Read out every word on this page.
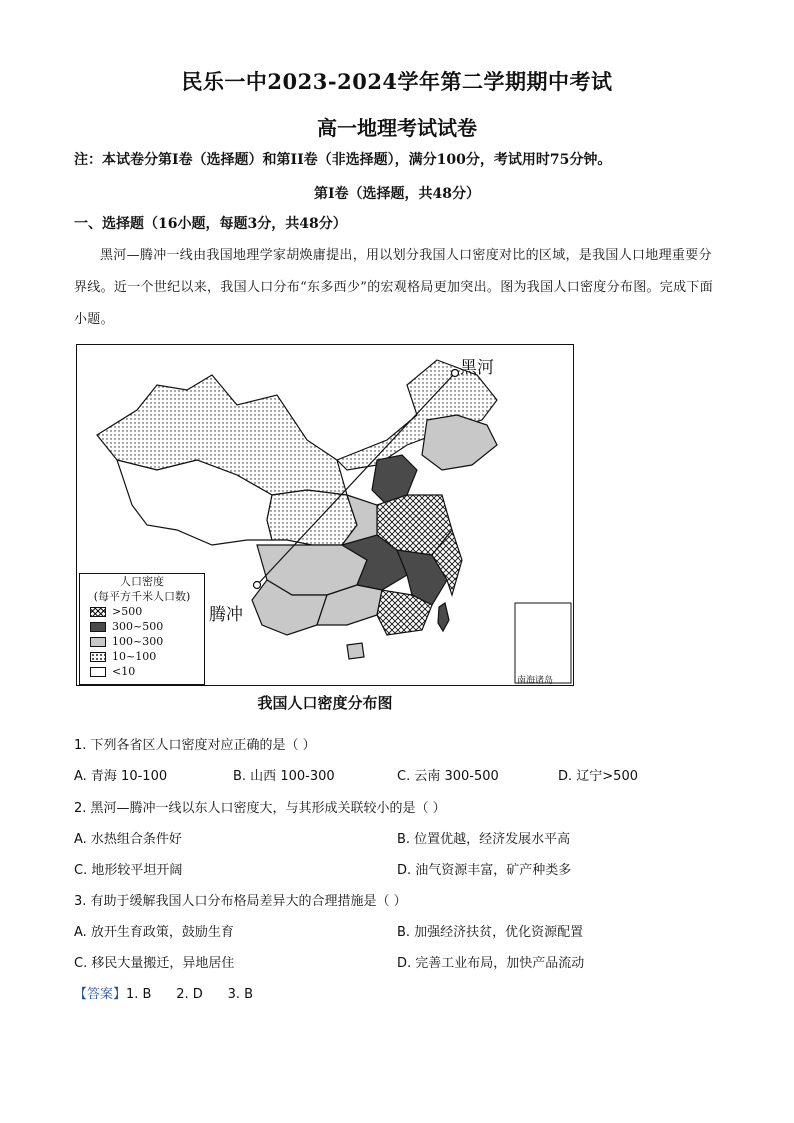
民乐一中2023-2024学年第二学期期中考试
高一地理考试试卷
注：本试卷分第I卷（选择题）和第II卷（非选择题），满分100分，考试用时75分钟。
第I卷（选择题，共48分）
一、选择题（16小题，每题3分，共48分）
黑河—腾冲一线由我国地理学家胡焕庸提出，用以划分我国人口密度对比的区域，是我国人口地理重要分界线。近一个世纪以来，我国人口分布“东多西少”的宏观格局更加突出。图为我国人口密度分布图。完成下面小题。
黑河
腾冲
南海诸岛
人口密度
(每平方千米人口数)
>500
300~500
100~300
10~100
<10
我国人口密度分布图
1. 下列各省区人口密度对应正确的是（ ）
A. 青海 10-100	B. 山西 100-300	C. 云南 300-500	D. 辽宁>500
2. 黑河—腾冲一线以东人口密度大，与其形成关联较小的是（ ）
A. 水热组合条件好	B. 位置优越，经济发展水平高
C. 地形较平坦开阔	D. 油气资源丰富，矿产种类多
3. 有助于缓解我国人口分布格局差异大的合理措施是（ ）
A. 放开生育政策，鼓励生育	B. 加强经济扶贫，优化资源配置
C. 移民大量搬迁，异地居住	D. 完善工业布局，加快产品流动
【答案】1. B      2. D      3. B
